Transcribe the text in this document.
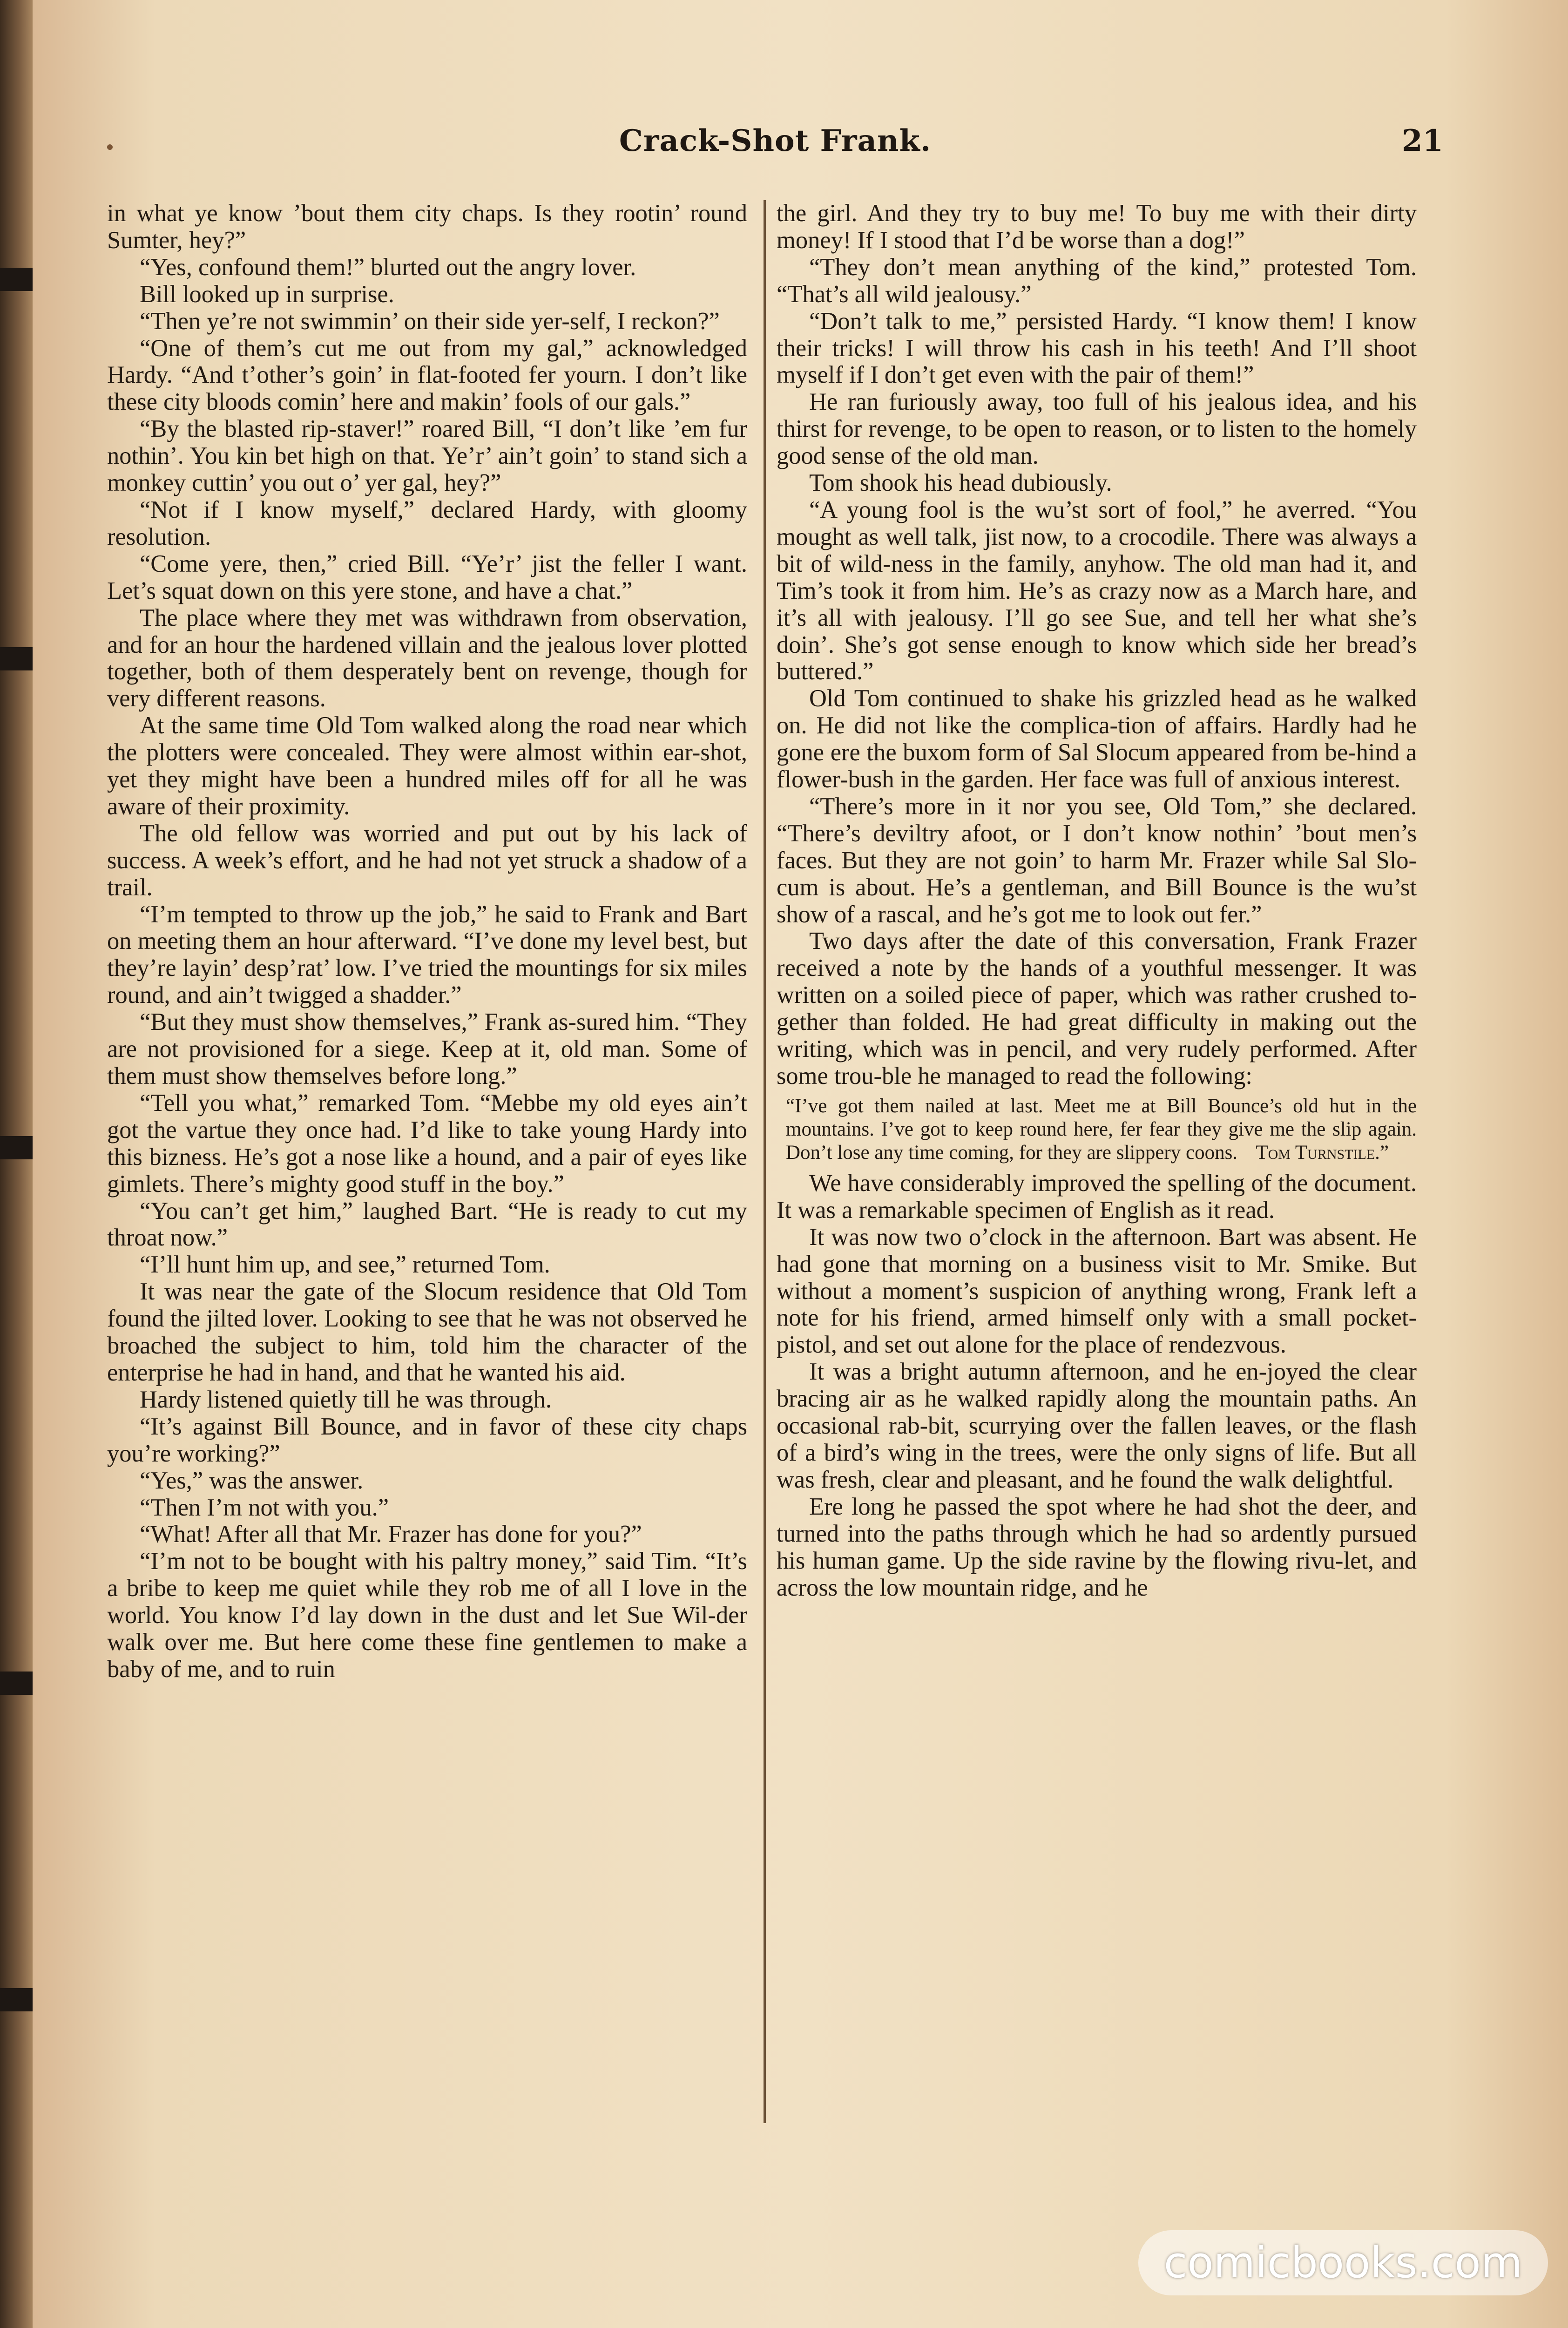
Crack-Shot Frank.	21

in what ye know ’bout them city chaps. Is they rootin’ round Sumter, hey?”

“Yes, confound them!” blurted out the angry lover.

Bill looked up in surprise.

“Then ye’re not swimmin’ on their side yer-self, I reckon?”

“One of them’s cut me out from my gal,” acknowledged Hardy. “And t’other’s goin’ in flat-footed fer yourn. I don’t like these city bloods comin’ here and makin’ fools of our gals.”

“By the blasted rip-staver!” roared Bill, “I don’t like ’em fur nothin’. You kin bet high on that. Ye’r’ ain’t goin’ to stand sich a monkey cuttin’ you out o’ yer gal, hey?”

“Not if I know myself,” declared Hardy, with gloomy resolution.

“Come yere, then,” cried Bill. “Ye’r’ jist the feller I want. Let’s squat down on this yere stone, and have a chat.”

The place where they met was withdrawn from observation, and for an hour the hardened villain and the jealous lover plotted together, both of them desperately bent on revenge, though for very different reasons.

At the same time Old Tom walked along the road near which the plotters were concealed. They were almost within ear-shot, yet they might have been a hundred miles off for all he was aware of their proximity.

The old fellow was worried and put out by his lack of success. A week’s effort, and he had not yet struck a shadow of a trail.

“I’m tempted to throw up the job,” he said to Frank and Bart on meeting them an hour afterward. “I’ve done my level best, but they’re layin’ desp’rat’ low. I’ve tried the mountings for six miles round, and ain’t twigged a shadder.”

“But they must show themselves,” Frank as-sured him. “They are not provisioned for a siege. Keep at it, old man. Some of them must show themselves before long.”

“Tell you what,” remarked Tom. “Mebbe my old eyes ain’t got the vartue they once had. I’d like to take young Hardy into this bizness. He’s got a nose like a hound, and a pair of eyes like gimlets. There’s mighty good stuff in the boy.”

“You can’t get him,” laughed Bart. “He is ready to cut my throat now.”

“I’ll hunt him up, and see,” returned Tom.

It was near the gate of the Slocum residence that Old Tom found the jilted lover. Looking to see that he was not observed he broached the subject to him, told him the character of the enterprise he had in hand, and that he wanted his aid.

Hardy listened quietly till he was through.

“It’s against Bill Bounce, and in favor of these city chaps you’re working?”

“Yes,” was the answer.

“Then I’m not with you.”

“What! After all that Mr. Frazer has done for you?”

“I’m not to be bought with his paltry money,” said Tim. “It’s a bribe to keep me quiet while they rob me of all I love in the world. You know I’d lay down in the dust and let Sue Wil-der walk over me. But here come these fine gentlemen to make a baby of me, and to ruin

the girl. And they try to buy me! To buy me with their dirty money! If I stood that I’d be worse than a dog!”

“They don’t mean anything of the kind,” protested Tom. “That’s all wild jealousy.”

“Don’t talk to me,” persisted Hardy. “I know them! I know their tricks! I will throw his cash in his teeth! And I’ll shoot myself if I don’t get even with the pair of them!”

He ran furiously away, too full of his jealous idea, and his thirst for revenge, to be open to reason, or to listen to the homely good sense of the old man.

Tom shook his head dubiously.

“A young fool is the wu’st sort of fool,” he averred. “You mought as well talk, jist now, to a crocodile. There was always a bit of wild-ness in the family, anyhow. The old man had it, and Tim’s took it from him. He’s as crazy now as a March hare, and it’s all with jealousy. I’ll go see Sue, and tell her what she’s doin’. She’s got sense enough to know which side her bread’s buttered.”

Old Tom continued to shake his grizzled head as he walked on. He did not like the complica-tion of affairs. Hardly had he gone ere the buxom form of Sal Slocum appeared from be-hind a flower-bush in the garden. Her face was full of anxious interest.

“There’s more in it nor you see, Old Tom,” she declared. “There’s deviltry afoot, or I don’t know nothin’ ’bout men’s faces. But they are not goin’ to harm Mr. Frazer while Sal Slo-cum is about. He’s a gentleman, and Bill Bounce is the wu’st show of a rascal, and he’s got me to look out fer.”

Two days after the date of this conversation, Frank Frazer received a note by the hands of a youthful messenger. It was written on a soiled piece of paper, which was rather crushed to-gether than folded. He had great difficulty in making out the writing, which was in pencil, and very rudely performed. After some trou-ble he managed to read the following:

“I’ve got them nailed at last. Meet me at Bill Bounce’s old hut in the mountains. I’ve got to keep round here, fer fear they give me the slip again. Don’t lose any time coming, for they are slippery coons. Tom Turnstile.”

We have considerably improved the spelling of the document. It was a remarkable specimen of English as it read.

It was now two o’clock in the afternoon. Bart was absent. He had gone that morning on a business visit to Mr. Smike. But without a moment’s suspicion of anything wrong, Frank left a note for his friend, armed himself only with a small pocket-pistol, and set out alone for the place of rendezvous.

It was a bright autumn afternoon, and he en-joyed the clear bracing air as he walked rapidly along the mountain paths. An occasional rab-bit, scurrying over the fallen leaves, or the flash of a bird’s wing in the trees, were the only signs of life. But all was fresh, clear and pleasant, and he found the walk delightful.

Ere long he passed the spot where he had shot the deer, and turned into the paths through which he had so ardently pursued his human game. Up the side ravine by the flowing rivu-let, and across the low mountain ridge, and he

comicbooks.com
